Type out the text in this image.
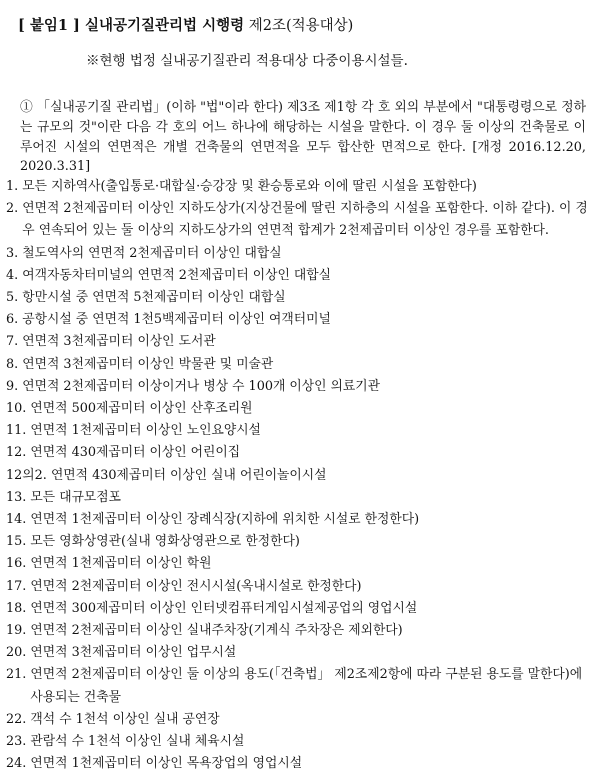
[ 붙임1 ] 실내공기질관리법 시행령 제2조(적용대상)
※현행 법정 실내공기질관리 적용대상 다중이용시설들.

① 「실내공기질 관리법」(이하 "법"이라 한다) 제3조 제1항 각 호 외의 부분에서 "대통령령으로 정하는 규모의 것"이란 다음 각 호의 어느 하나에 해당하는 시설을 말한다. 이 경우 둘 이상의 건축물로 이루어진 시설의 연면적은 개별 건축물의 연면적을 모두 합산한 면적으로 한다. [개정 2016.12.20, 2020.3.31]

1. 모든 지하역사(출입통로·대합실·승강장 및 환승통로와 이에 딸린 시설을 포함한다)
2. 연면적 2천제곱미터 이상인 지하도상가(지상건물에 딸린 지하층의 시설을 포함한다. 이하 같다). 이 경우 연속되어 있는 둘 이상의 지하도상가의 연면적 합계가 2천제곱미터 이상인 경우를 포함한다.
3. 철도역사의 연면적 2천제곱미터 이상인 대합실
4. 여객자동차터미널의 연면적 2천제곱미터 이상인 대합실
5. 항만시설 중 연면적 5천제곱미터 이상인 대합실
6. 공항시설 중 연면적 1천5백제곱미터 이상인 여객터미널
7. 연면적 3천제곱미터 이상인 도서관
8. 연면적 3천제곱미터 이상인 박물관 및 미술관
9. 연면적 2천제곱미터 이상이거나 병상 수 100개 이상인 의료기관
10. 연면적 500제곱미터 이상인 산후조리원
11. 연면적 1천제곱미터 이상인 노인요양시설
12. 연면적 430제곱미터 이상인 어린이집
12의2. 연면적 430제곱미터 이상인 실내 어린이놀이시설
13. 모든 대규모점포
14. 연면적 1천제곱미터 이상인 장례식장(지하에 위치한 시설로 한정한다)
15. 모든 영화상영관(실내 영화상영관으로 한정한다)
16. 연면적 1천제곱미터 이상인 학원
17. 연면적 2천제곱미터 이상인 전시시설(옥내시설로 한정한다)
18. 연면적 300제곱미터 이상인 인터넷컴퓨터게임시설제공업의 영업시설
19. 연면적 2천제곱미터 이상인 실내주차장(기계식 주차장은 제외한다)
20. 연면적 3천제곱미터 이상인 업무시설
21. 연면적 2천제곱미터 이상인 둘 이상의 용도(「건축법」 제2조제2항에 따라 구분된 용도를 말한다)에 사용되는 건축물
22. 객석 수 1천석 이상인 실내 공연장
23. 관람석 수 1천석 이상인 실내 체육시설
24. 연면적 1천제곱미터 이상인 목욕장업의 영업시설
